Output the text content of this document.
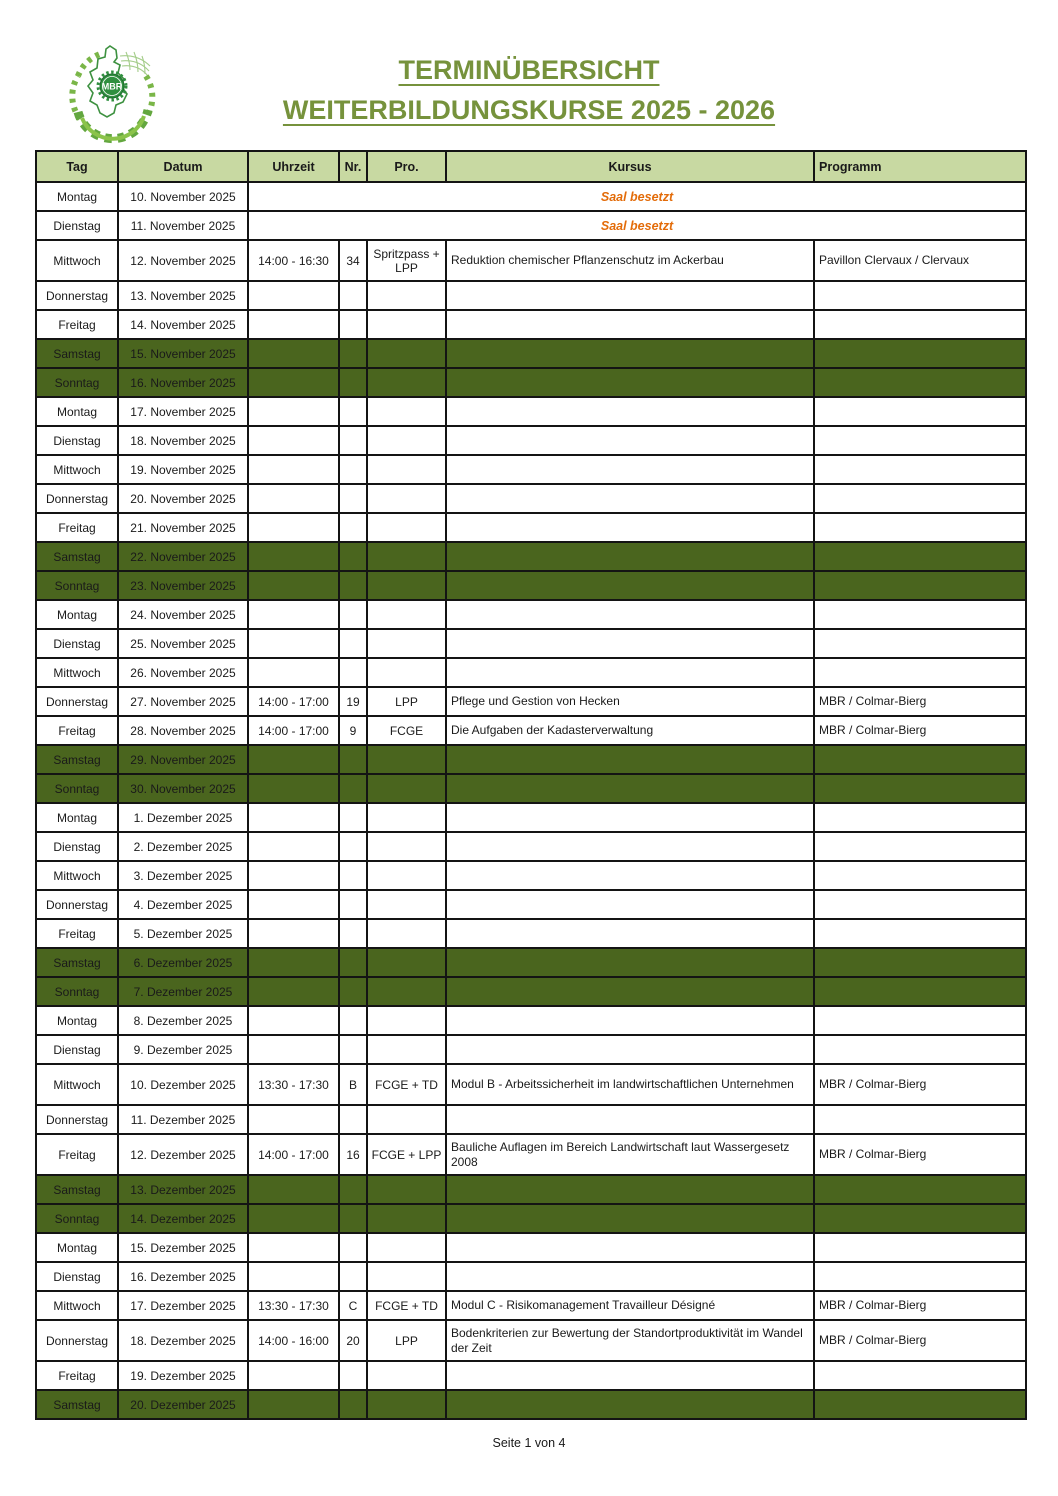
MBR
TERMINÜBERSICHT
WEITERBILDUNGSKURSE 2025 - 2026
Tag	Datum	Uhrzeit	Nr.	Pro.	Kursus	Programm
Montag	10. November 2025	Saal besetzt				
Dienstag	11. November 2025	Saal besetzt				
Mittwoch	12. November 2025	14:00 - 16:30	34	Spritzpass + LPP	Reduktion chemischer Pflanzenschutz im Ackerbau	Pavillon Clervaux / Clervaux
Donnerstag	13. November 2025					
Freitag	14. November 2025					
Samstag	15. November 2025					
Sonntag	16. November 2025					
Montag	17. November 2025					
Dienstag	18. November 2025					
Mittwoch	19. November 2025					
Donnerstag	20. November 2025					
Freitag	21. November 2025					
Samstag	22. November 2025					
Sonntag	23. November 2025					
Montag	24. November 2025					
Dienstag	25. November 2025					
Mittwoch	26. November 2025					
Donnerstag	27. November 2025	14:00 - 17:00	19	LPP	Pflege und Gestion von Hecken	MBR / Colmar-Bierg
Freitag	28. November 2025	14:00 - 17:00	9	FCGE	Die Aufgaben der Kadasterverwaltung	MBR / Colmar-Bierg
Samstag	29. November 2025					
Sonntag	30. November 2025					
Montag	1. Dezember 2025					
Dienstag	2. Dezember 2025					
Mittwoch	3. Dezember 2025					
Donnerstag	4. Dezember 2025					
Freitag	5. Dezember 2025					
Samstag	6. Dezember 2025					
Sonntag	7. Dezember 2025					
Montag	8. Dezember 2025					
Dienstag	9. Dezember 2025					
Mittwoch	10. Dezember 2025	13:30 - 17:30	B	FCGE + TD	Modul B - Arbeitssicherheit im landwirtschaftlichen Unternehmen	MBR / Colmar-Bierg
Donnerstag	11. Dezember 2025					
Freitag	12. Dezember 2025	14:00 - 17:00	16	FCGE + LPP	Bauliche Auflagen im Bereich Landwirtschaft laut Wassergesetz 2008	MBR / Colmar-Bierg
Samstag	13. Dezember 2025					
Sonntag	14. Dezember 2025					
Montag	15. Dezember 2025					
Dienstag	16. Dezember 2025					
Mittwoch	17. Dezember 2025	13:30 - 17:30	C	FCGE + TD	Modul C - Risikomanagement Travailleur Désigné	MBR / Colmar-Bierg
Donnerstag	18. Dezember 2025	14:00 - 16:00	20	LPP	Bodenkriterien zur Bewertung der Standortproduktivität im Wandel der Zeit	MBR / Colmar-Bierg
Freitag	19. Dezember 2025					
Samstag	20. Dezember 2025					
Seite 1 von 4
